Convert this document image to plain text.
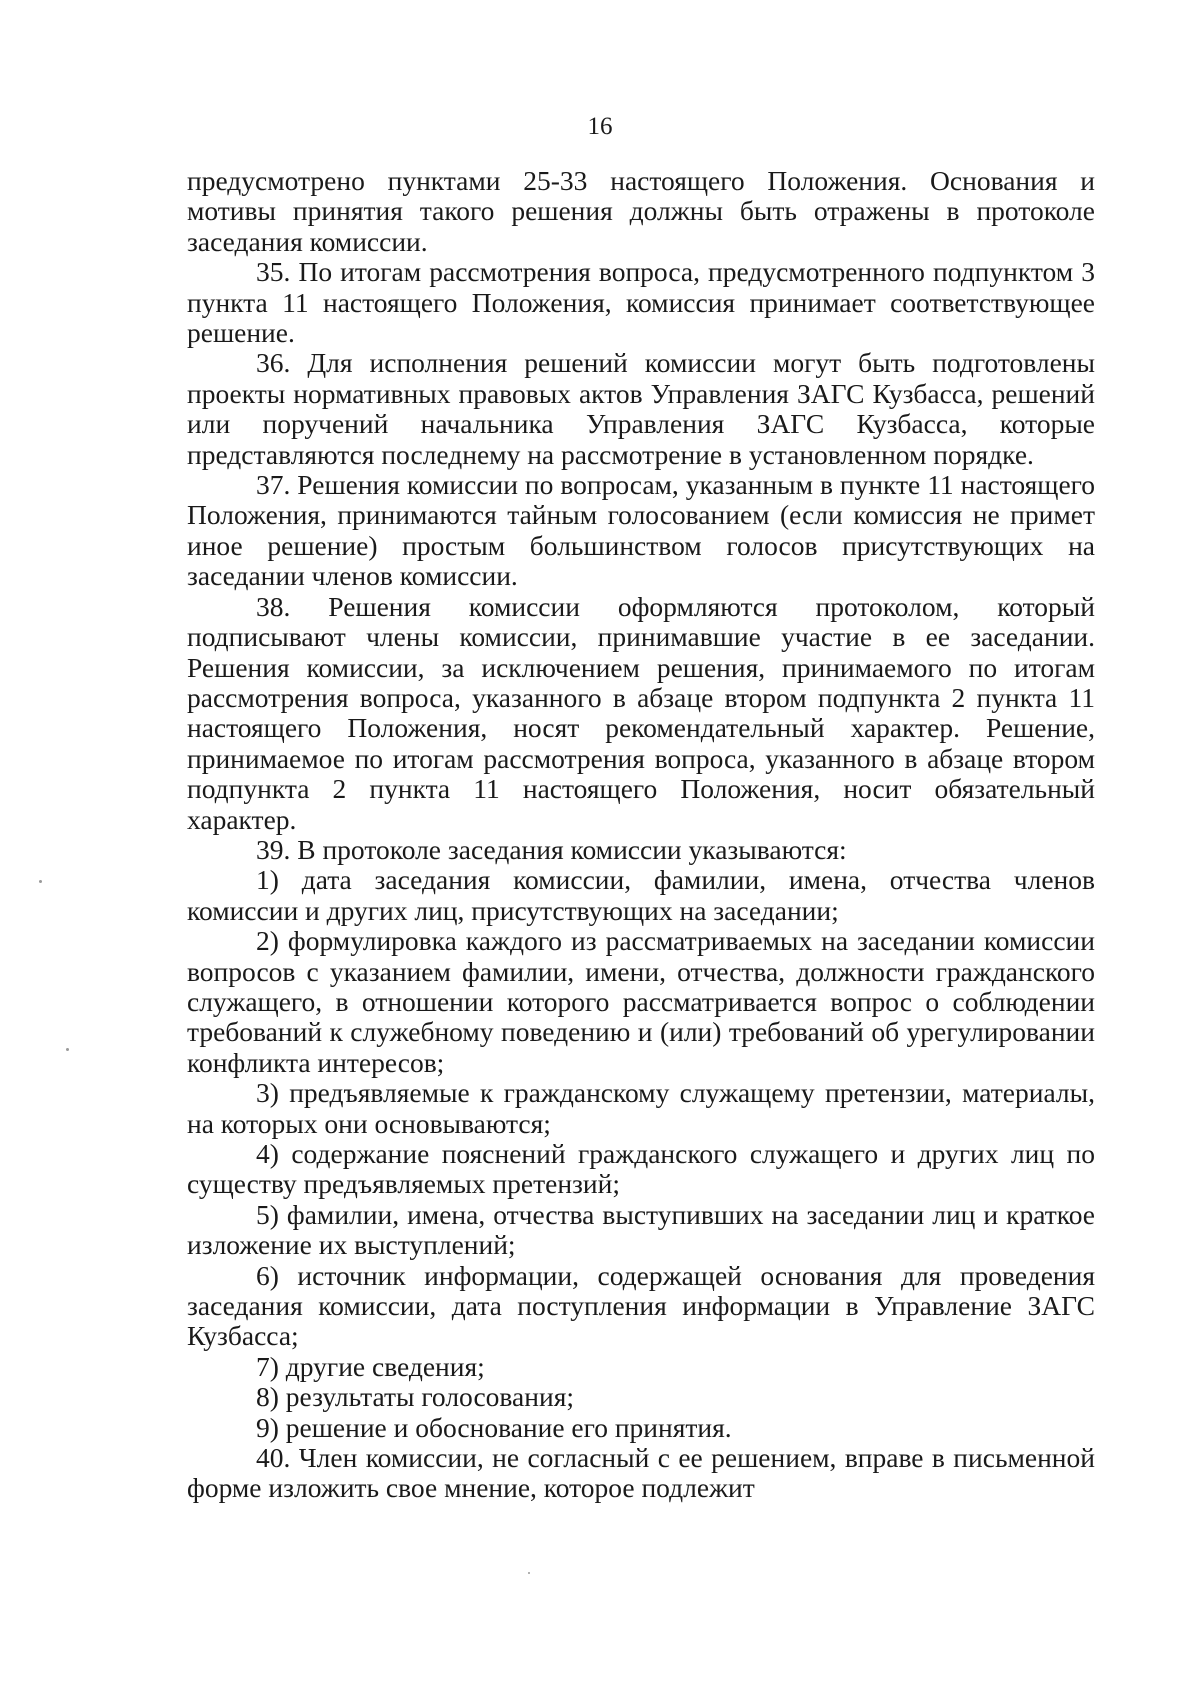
16

предусмотрено пунктами 25-33 настоящего Положения. Основания и мотивы принятия такого решения должны быть отражены в протоколе заседания комиссии.

35. По итогам рассмотрения вопроса, предусмотренного подпунктом 3 пункта 11 настоящего Положения, комиссия принимает соответствующее решение.

36. Для исполнения решений комиссии могут быть подготовлены проекты нормативных правовых актов Управления ЗАГС Кузбасса, решений или поручений начальника Управления ЗАГС Кузбасса, которые представляются последнему на рассмотрение в установленном порядке.

37. Решения комиссии по вопросам, указанным в пункте 11 настоящего Положения, принимаются тайным голосованием (если комиссия не примет иное решение) простым большинством голосов присутствующих на заседании членов комиссии.

38. Решения комиссии оформляются протоколом, который подписывают члены комиссии, принимавшие участие в ее заседании. Решения комиссии, за исключением решения, принимаемого по итогам рассмотрения вопроса, указанного в абзаце втором подпункта 2 пункта 11 настоящего Положения, носят рекомендательный характер. Решение, принимаемое по итогам рассмотрения вопроса, указанного в абзаце втором подпункта 2 пункта 11 настоящего Положения, носит обязательный характер.

39. В протоколе заседания комиссии указываются:

1) дата заседания комиссии, фамилии, имена, отчества членов комиссии и других лиц, присутствующих на заседании;

2) формулировка каждого из рассматриваемых на заседании комиссии вопросов с указанием фамилии, имени, отчества, должности гражданского служащего, в отношении которого рассматривается вопрос о соблюдении требований к служебному поведению и (или) требований об урегулировании конфликта интересов;

3) предъявляемые к гражданскому служащему претензии, материалы, на которых они основываются;

4) содержание пояснений гражданского служащего и других лиц по существу предъявляемых претензий;

5) фамилии, имена, отчества выступивших на заседании лиц и краткое изложение их выступлений;

6) источник информации, содержащей основания для проведения заседания комиссии, дата поступления информации в Управление ЗАГС Кузбасса;

7) другие сведения;

8) результаты голосования;

9) решение и обоснование его принятия.

40. Член комиссии, не согласный с ее решением, вправе в письменной форме изложить свое мнение, которое подлежит
